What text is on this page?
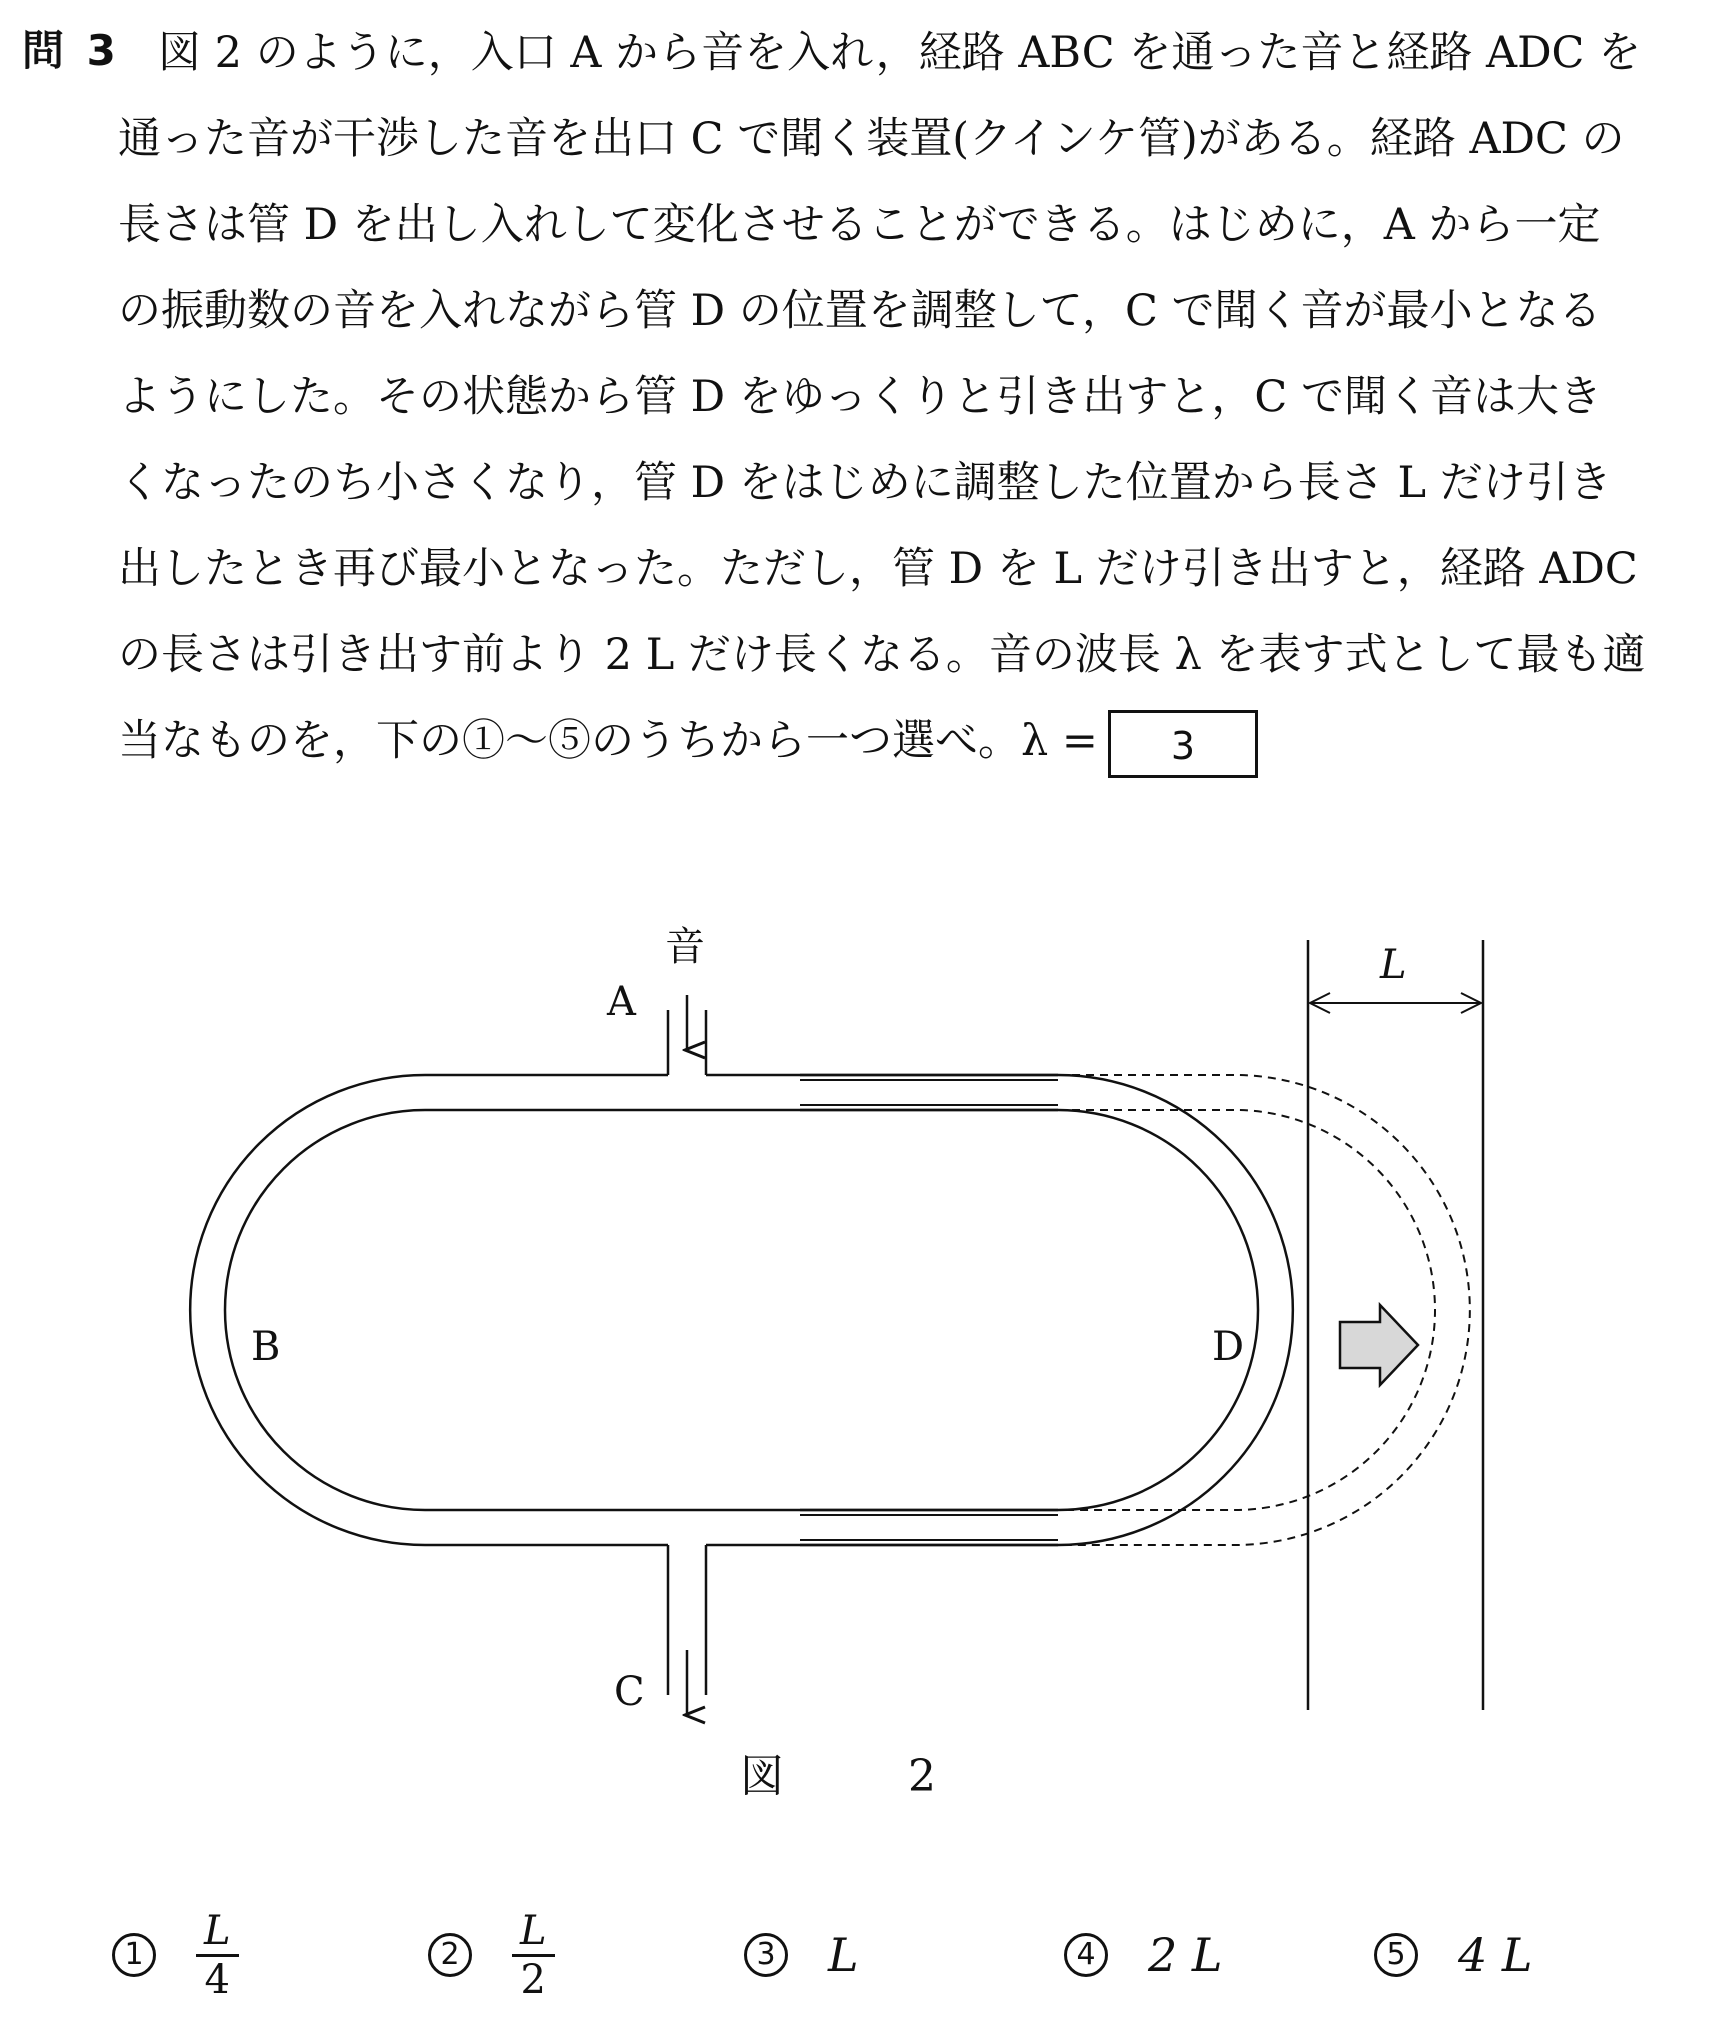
問 3 図 2 のように，入口 A から音を入れ，経路 ABC を通った音と経路 ADC を
通った音が干渉した音を出口 C で聞く装置(クインケ管)がある。経路 ADC の
長さは管 D を出し入れして変化させることができる。はじめに，A から一定
の振動数の音を入れながら管 D の位置を調整して，C で聞く音が最小となる
ようにした。その状態から管 D をゆっくりと引き出すと，C で聞く音は大き
くなったのち小さくなり，管 D をはじめに調整した位置から長さ L だけ引き
出したとき再び最小となった。ただし，管 D を L だけ引き出すと，経路 ADC
の長さは引き出す前より 2 L だけ長くなる。音の波長 λ を表す式として最も適
当なものを，下の①～⑤のうちから一つ選べ。λ = 3
音
A
B
C
D
L
図　2
1	$\frac{L}{4}$	2	$\frac{L}{2}$	3 L	4 2 L	5 4 L
